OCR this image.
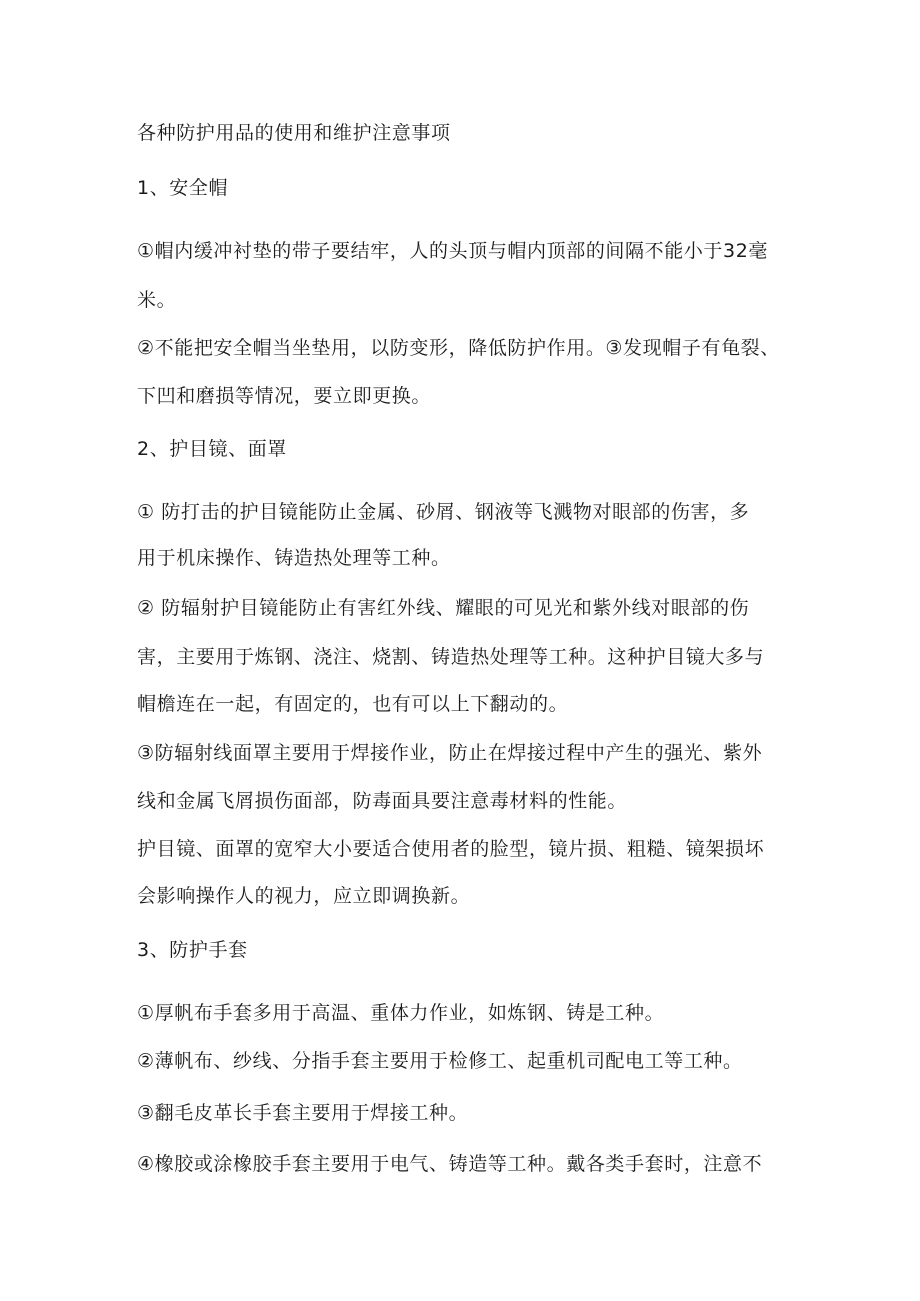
各种防护用品的使用和维护注意事项
1、安全帽
①帽内缓冲衬垫的带子要结牢，人的头顶与帽内顶部的间隔不能小于32毫
米。
②不能把安全帽当坐垫用，以防变形，降低防护作用。③发现帽子有龟裂、
下凹和磨损等情况，要立即更换。
2、护目镜、面罩
① 防打击的护目镜能防止金属、砂屑、钢液等飞溅物对眼部的伤害，多
用于机床操作、铸造热处理等工种。
② 防辐射护目镜能防止有害红外线、耀眼的可见光和紫外线对眼部的伤
害，主要用于炼钢、浇注、烧割、铸造热处理等工种。这种护目镜大多与
帽檐连在一起，有固定的，也有可以上下翻动的。
③防辐射线面罩主要用于焊接作业，防止在焊接过程中产生的强光、紫外
线和金属飞屑损伤面部，防毒面具要注意毒材料的性能。
护目镜、面罩的宽窄大小要适合使用者的脸型，镜片损、粗糙、镜架损坏
会影响操作人的视力，应立即调换新。
3、防护手套
①厚帆布手套多用于高温、重体力作业，如炼钢、铸是工种。
②薄帆布、纱线、分指手套主要用于检修工、起重机司配电工等工种。
③翻毛皮革长手套主要用于焊接工种。
④橡胶或涂橡胶手套主要用于电气、铸造等工种。戴各类手套时，注意不
